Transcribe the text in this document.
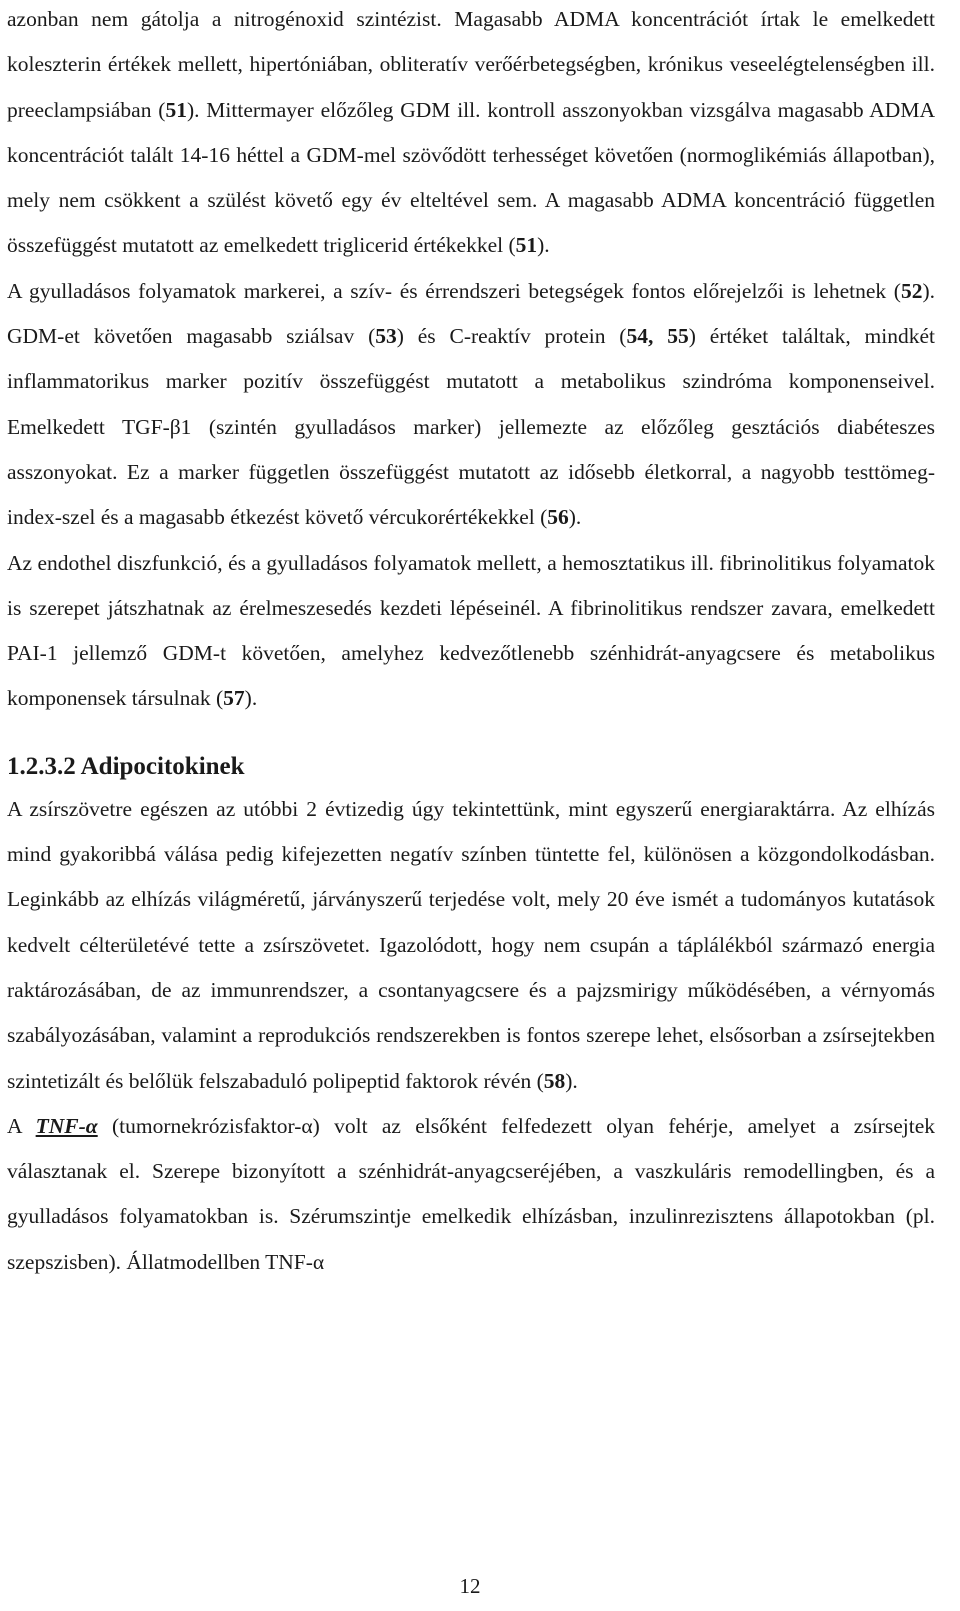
azonban nem gátolja a nitrogénoxid szintézist. Magasabb ADMA koncentrációt írtak le emelkedett koleszterin értékek mellett, hipertóniában, obliteratív verőérbetegségben, krónikus veseelégtelenségben ill. preeclampsiában (51). Mittermayer előzőleg GDM ill. kontroll asszonyokban vizsgálva magasabb ADMA koncentrációt talált 14-16 héttel a GDM-mel szövődött terhességet követően (normoglikémiás állapotban), mely nem csökkent a szülést követő egy év elteltével sem. A magasabb ADMA koncentráció független összefüggést mutatott az emelkedett triglicerid értékekkel (51).

A gyulladásos folyamatok markerei, a szív- és érrendszeri betegségek fontos előrejelzői is lehetnek (52). GDM-et követően magasabb sziálsav (53) és C-reaktív protein (54, 55) értéket találtak, mindkét inflammatorikus marker pozitív összefüggést mutatott a metabolikus szindróma komponenseivel. Emelkedett TGF-β1 (szintén gyulladásos marker) jellemezte az előzőleg gesztációs diabéteszes asszonyokat. Ez a marker független összefüggést mutatott az idősebb életkorral, a nagyobb testtömeg-index-szel és a magasabb étkezést követő vércukorértékekkel (56).

Az endothel diszfunkció, és a gyulladásos folyamatok mellett, a hemosztatikus ill. fibrinolitikus folyamatok is szerepet játszhatnak az érelmeszesedés kezdeti lépéseinél. A fibrinolitikus rendszer zavara, emelkedett PAI-1 jellemző GDM-t követően, amelyhez kedvezőtlenebb szénhidrát-anyagcsere és metabolikus komponensek társulnak (57).

1.2.3.2 Adipocitokinek

A zsírszövetre egészen az utóbbi 2 évtizedig úgy tekintettünk, mint egyszerű energiaraktárra. Az elhízás mind gyakoribbá válása pedig kifejezetten negatív színben tüntette fel, különösen a közgondolkodásban. Leginkább az elhízás világméretű, járványszerű terjedése volt, mely 20 éve ismét a tudományos kutatások kedvelt célterületévé tette a zsírszövetet. Igazolódott, hogy nem csupán a táplálékból származó energia raktározásában, de az immunrendszer, a csontanyagcsere és a pajzsmirigy működésében, a vérnyomás szabályozásában, valamint a reprodukciós rendszerekben is fontos szerepe lehet, elsősorban a zsírsejtekben szintetizált és belőlük felszabaduló polipeptid faktorok révén (58).

A TNF-α (tumornekrózisfaktor-α) volt az elsőként felfedezett olyan fehérje, amelyet a zsírsejtek választanak el. Szerepe bizonyított a szénhidrát-anyagcseréjében, a vaszkuláris remodellingben, és a gyulladásos folyamatokban is. Szérumszintje emelkedik elhízásban, inzulinrezisztens állapotokban (pl. szepszisben). Állatmodellben TNF-α

12
